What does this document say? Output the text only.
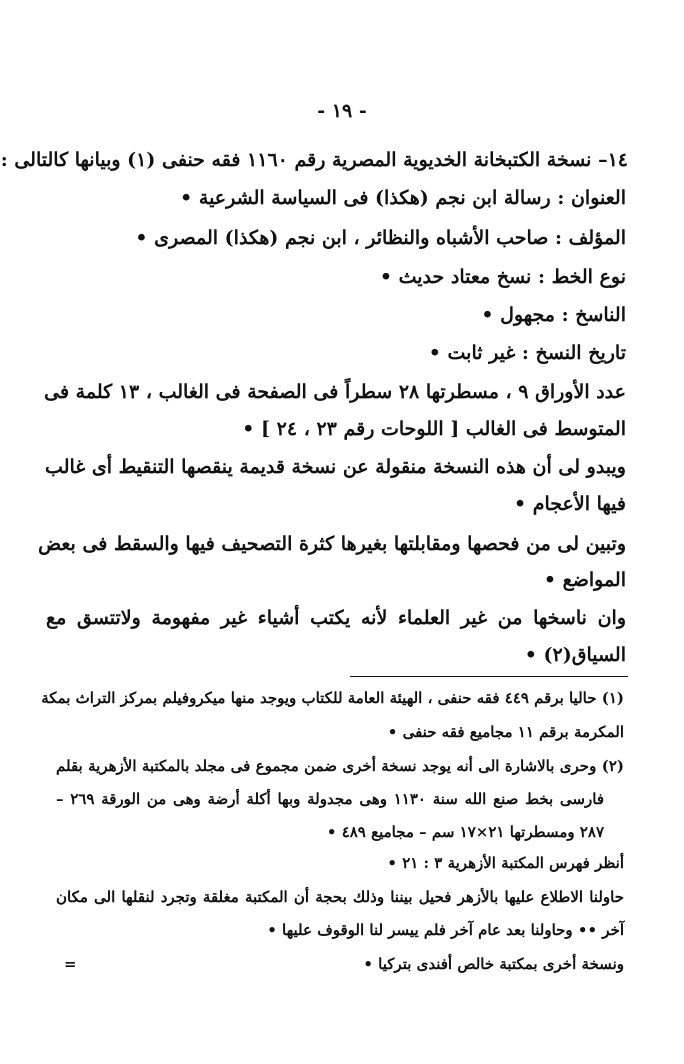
- ١٩ -
١٤– نسخة الكتبخانة الخديوية المصرية رقم ١١٦٠ فقه حنفى (١) وبيانها كالتالى :
العنوان : رسالة ابن نجم (هكذا) فى السياسة الشرعية •
المؤلف : صاحب الأشباه والنظائر ، ابن نجم (هكذا) المصرى •
نوع الخط : نسخ معتاد حديث •
الناسخ : مجهول •
تاريخ النسخ : غير ثابت •
عدد الأوراق ٩ ، مسطرتها ٢٨ سطراً فى الصفحة فى الغالب ، ١٣ كلمة فى
المتوسط فى الغالب [ اللوحات رقم ٢٣ ، ٢٤ ] •
ويبدو لى أن هذه النسخة منقولة عن نسخة قديمة ينقصها التنقيط أى غالب
فيها الأعجام •
وتبين لى من فحصها ومقابلتها بغيرها كثرة التصحيف فيها والسقط فى بعض
المواضع •
وان ناسخها من غير العلماء لأنه يكتب أشياء غير مفهومة ولاتتسق مع
السياق(٢) •
(١) حاليا برقم ٤٤٩ فقه حنفى ، الهيئة العامة للكتاب ويوجد منها ميكروفيلم بمركز التراث بمكة
المكرمة برقم ١١ مجاميع فقه حنفى •
(٢) وحرى بالاشارة الى أنه يوجد نسخة أخرى ضمن مجموع فى مجلد بالمكتبة الأزهرية بقلم
فارسى بخط صنع الله سنة ١١٣٠ وهى مجدولة وبها أكلة أرضة وهى من الورقة ٢٦٩ –
٢٨٧ ومسطرتها ٢١×١٧ سم – مجاميع ٤٨٩ •
أنظر فهرس المكتبة الأزهرية ٣ : ٢١ •
حاولنا الاطلاع عليها بالأزهر فحيل بيننا وذلك بحجة أن المكتبة مغلقة وتجرد لنقلها الى مكان
آخر •• وحاولنا بعد عام آخر فلم ييسر لنا الوقوف عليها •
ونسخة أخرى بمكتبة خالص أفندى بتركيا •
=
